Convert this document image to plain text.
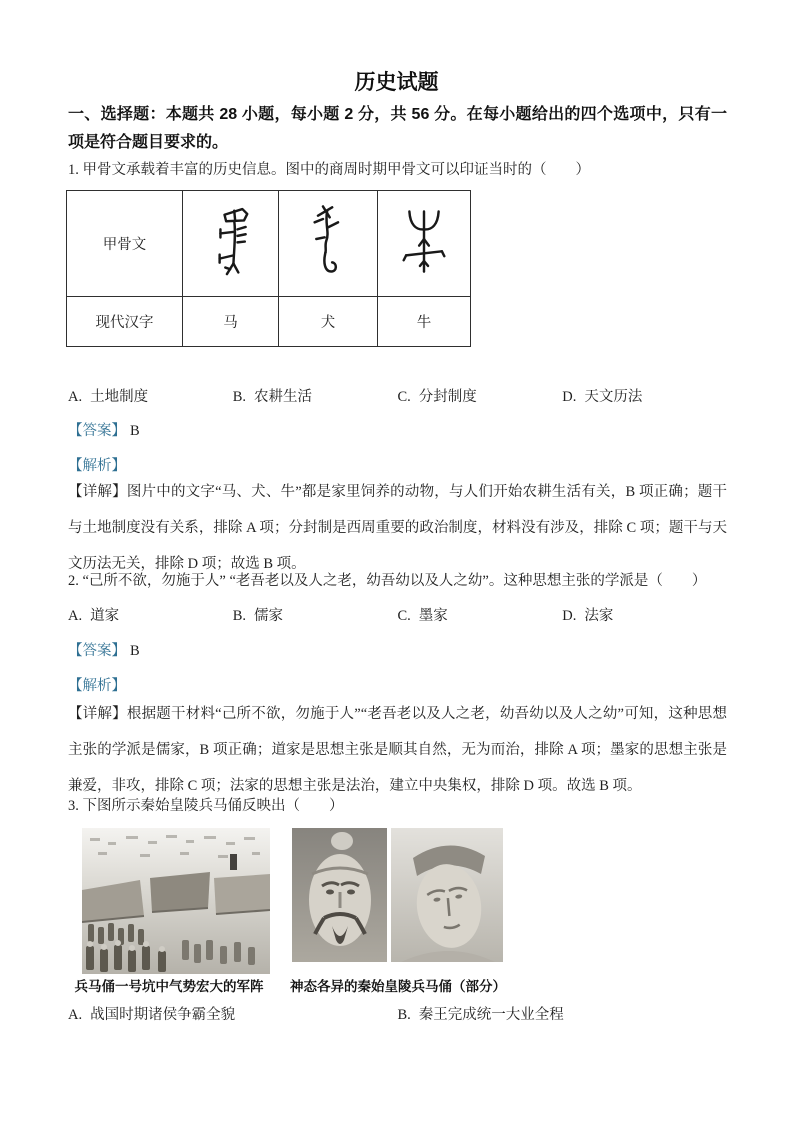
历史试题
一、选择题：本题共 28 小题，每小题 2 分，共 56 分。在每小题给出的四个选项中，只有一项是符合题目要求的。
1. 甲骨文承载着丰富的历史信息。图中的商周时期甲骨文可以印证当时的（　　）
甲骨文
现代汉字	马	犬	牛
A. 土地制度	B. 农耕生活	C. 分封制度	D. 天文历法
【答案】 B
【解析】

【详解】图片中的文字“马、犬、牛”都是家里饲养的动物，与人们开始农耕生活有关，B 项正确；题干与土地制度没有关系，排除 A 项；分封制是西周重要的政治制度，材料没有涉及，排除 C 项；题干与天文历法无关，排除 D 项；故选 B 项。

2. “己所不欲，勿施于人” “老吾老以及人之老，幼吾幼以及人之幼”。这种思想主张的学派是（　　）
A. 道家	B. 儒家	C. 墨家	D. 法家
【答案】 B
【解析】

【详解】根据题干材料“己所不欲，勿施于人”“老吾老以及人之老，幼吾幼以及人之幼”可知，这种思想主张的学派是儒家，B 项正确；道家是思想主张是顺其自然，无为而治，排除 A 项；墨家的思想主张是兼爱，非攻，排除 C 项；法家的思想主张是法治，建立中央集权，排除 D 项。故选 B 项。

3. 下图所示秦始皇陵兵马俑反映出（　　）
兵马俑一号坑中气势宏大的军阵	神态各异的秦始皇陵兵马俑（部分）
A. 战国时期诸侯争霸全貌	B. 秦王完成统一大业全程
